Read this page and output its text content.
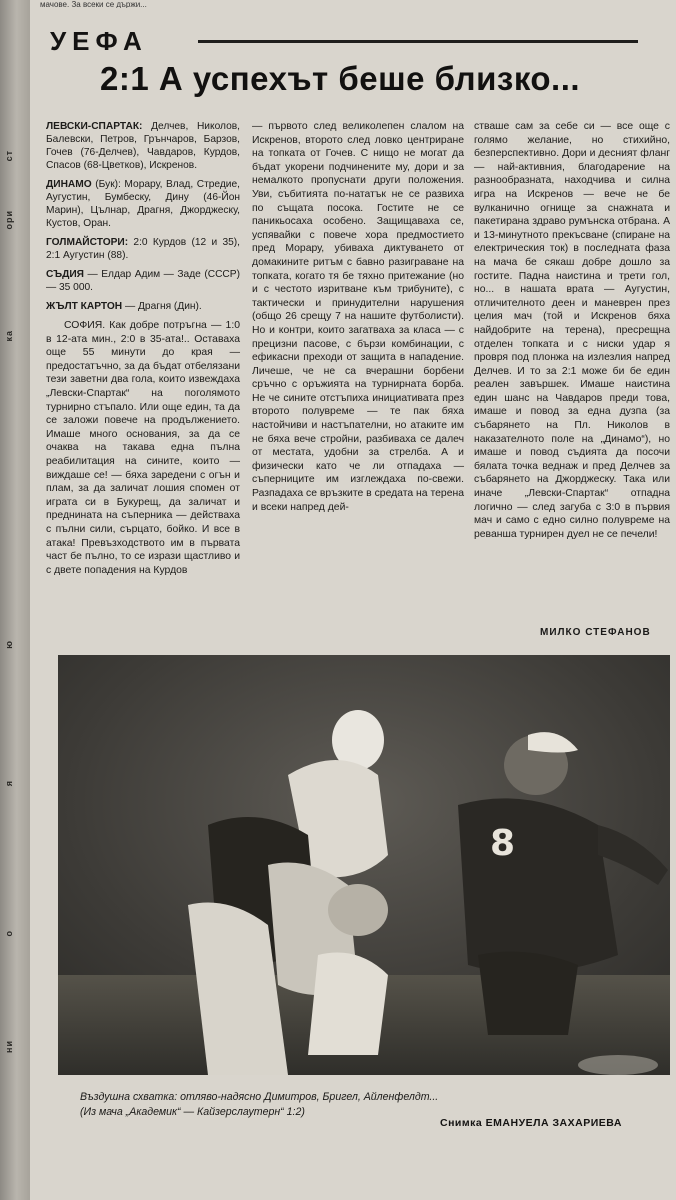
ст
ори
ка
ю
я
о
ни
мачове. За всеки се държи...
УЕФА
2:1 А успехът беше близко...

ЛЕВСКИ-СПАРТАК: Делчев, Николов, Балевски, Петров, Грънчаров, Барзов, Гочев (76-Делчев), Чавдаров, Курдов, Спасов (68-Цветков), Искренов.

ДИНАМО (Бук): Морару, Влад, Стредие, Аугустин, Бумбеску, Дину (46-Йон Марин), Цълнар, Драгня, Джорджеску, Кустов, Оран.

ГОЛМАЙСТОРИ: 2:0 Курдов (12 и 35), 2:1 Аугустин (88).

СЪДИЯ — Елдар Адим — Заде (СССР) — 35 000.

ЖЪЛТ КАРТОН — Драгня (Дин).

СОФИЯ. Как добре потръгна — 1:0 в 12-ата мин., 2:0 в 35-ата!.. Оставаха още 55 минути до края — предостатъчно, за да бъдат отбелязани тези заветни два гола, които извеждаха „Левски-Спартак“ на поголямото турнирно стъпало. Или още един, та да се заложи повече на продължението. Имаше много основания, за да се очаква на такава една пълна реабилитация на сините, които — виждаше се! — бяха заредени с огън и плам, за да заличат лошия спомен от играта си в Букурещ, да заличат и преднината на съперника — действаха с пълни сили, сърцато, бойко. И все в атака! Превъзходството им в първата част бе пълно, то се изрази щастливо и с двете попадения на Курдов

— първото след великолепен слалом на Искренов, второто след ловко центриране на топката от Гочев. С нищо не могат да бъдат укорени подчинените му, дори и за немалкото пропуснати други положения. Уви, събитията по-нататък не се развиха по същата посока. Гостите не се паникьосаха особено. Защищаваха се, успявайки с повече хора предмостието пред Морару, убиваха диктуването от домакините ритъм с бавно разиграване на топката, когато тя бе тяхно притежание (но и с честото изритване към трибуните), с тактически и принудителни нарушения (общо 26 срещу 7 на нашите футболисти). Но и контри, които загатваха за класа — с прецизни пасове, с бързи комбинации, с ефикасни преходи от защита в нападение. Личеше, че не са вчерашни борбени сръчно с оръжията на турнирната борба. Не че сините отстъпиха инициативата през второто полувреме — те пак бяха настойчиви и настъпателни, но атаките им не бяха вече стройни, разбиваха се далеч от местата, удобни за стрелба. А и физически като че ли отпадаха — съперниците им изглеждаха по-свежи. Разпадаха се връзките в средата на терена и всеки напред дей-

стваше сам за себе си — все още с голямо желание, но стихийно, безперспективно. Дори и десният фланг — най-активния, благодарение на разнообразната, находчива и силна игра на Искренов — вече не бе вулканично огнище за снажната и пакетирана здраво румънска отбрана. А и 13-минутното прекъсване (спиране на електрическия ток) в последната фаза на мача бе сякаш добре дошло за гостите. Падна наистина и трети гол, но... в нашата врата — Аугустин, отличителното деен и маневрен през целия мач (той и Искренов бяха найдобрите на терена), пресрещна отделен топката и с ниски удар я провря под плонжа на излезлия напред Делчев. И то за 2:1 може би бе един реален завършек. Имаше наистина един шанс на Чавдаров преди това, имаше и повод за една дузпа (за събарянето на Пл. Николов в наказателното поле на „Динамо“), но имаше и повод съдията да посочи бялата точка веднаж и пред Делчев за събарянето на Джорджеску. Така или иначе „Левски-Спартак“ отпадна логично — след загуба с 3:0 в първия мач и само с едно силно полувреме на реванша турнирен дуел не се печели!

МИЛКО СТЕФАНОВ
8

Въздушна схватка: отляво-надясно Димитров, Бригел, Айленфелдт...

(Из мача „Академик“ — Кайзерслаутерн“ 1:2)

Снимка ЕМАНУЕЛА ЗАХАРИЕВА
